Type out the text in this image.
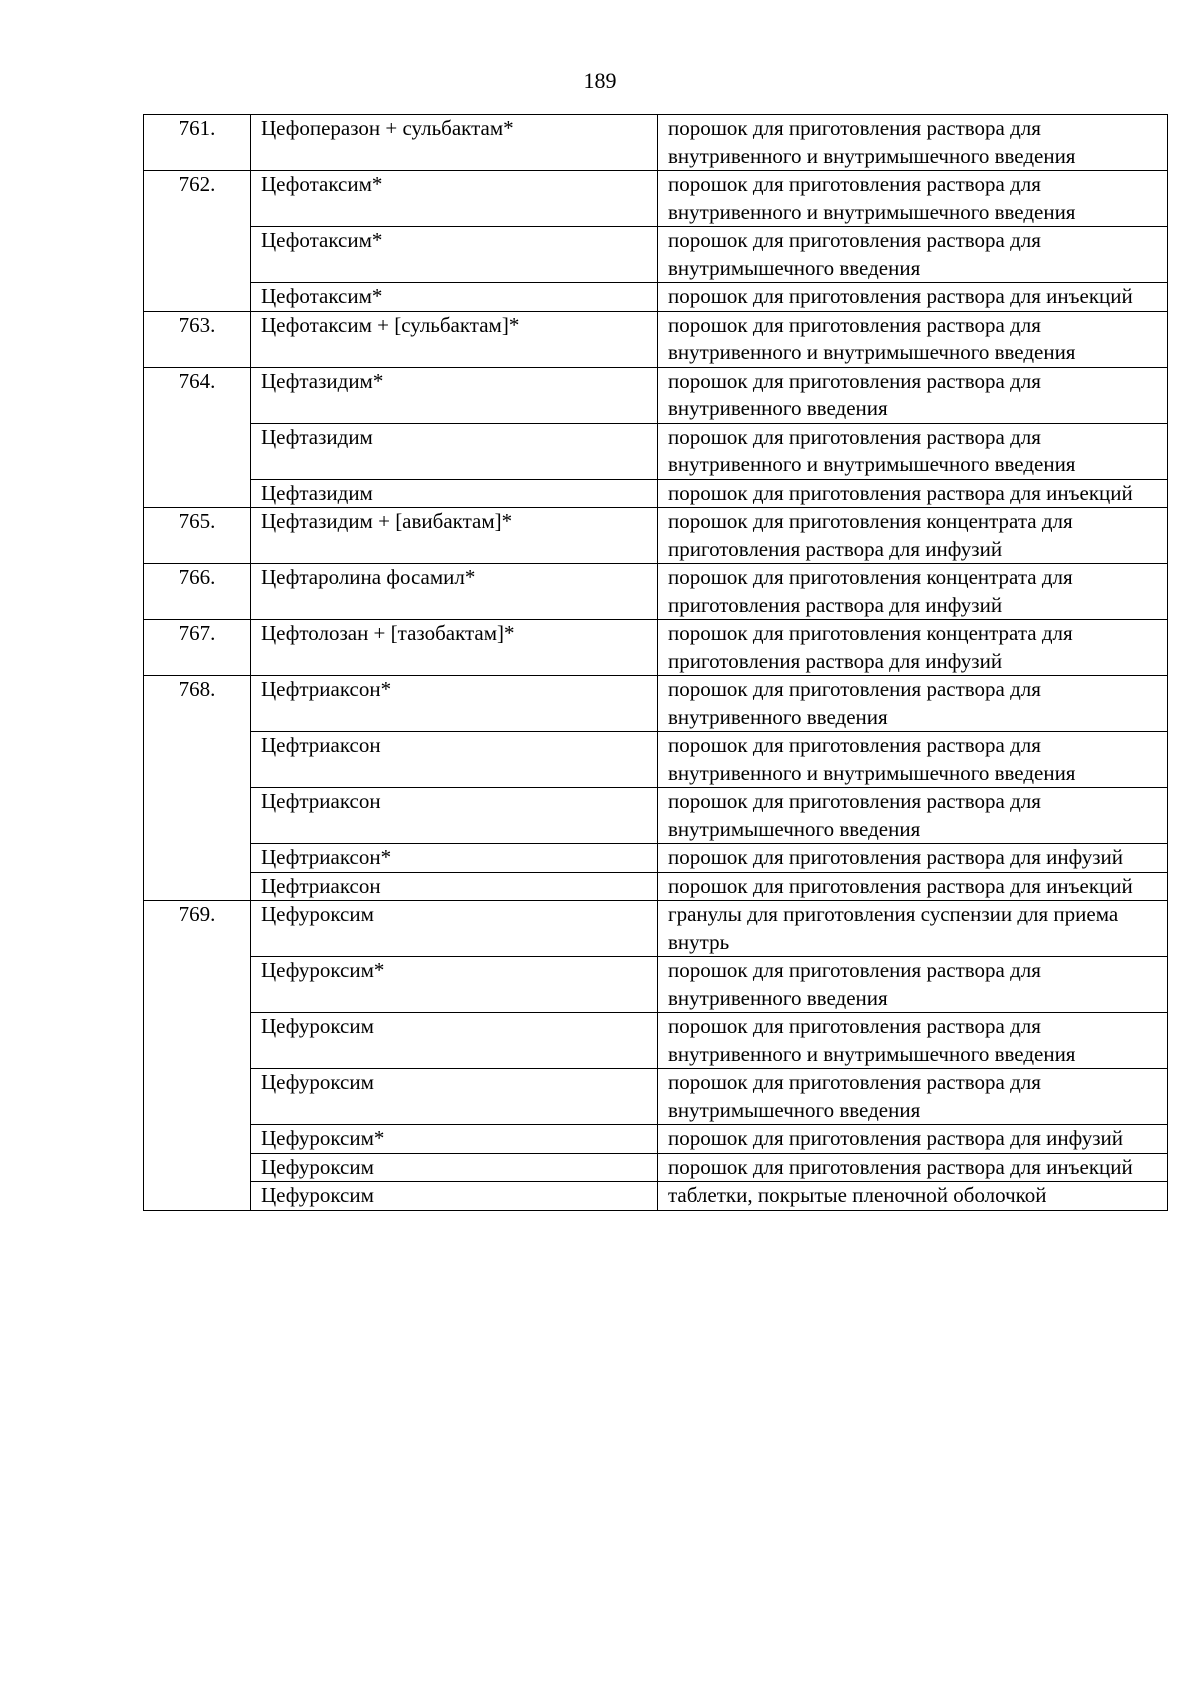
189
761.	Цефоперазон + сульбактам*	порошок для приготовления раствора для внутривенного и внутримышечного введения

762.	Цефотаксим*	порошок для приготовления раствора для внутривенного и внутримышечного введения

	Цефотаксим*	порошок для приготовления раствора для внутримышечного введения

	Цефотаксим*	порошок для приготовления раствора для инъекций

763.	Цефотаксим + [сульбактам]*	порошок для приготовления раствора для внутривенного и внутримышечного введения

764.	Цефтазидим*	порошок для приготовления раствора для внутривенного введения

	Цефтазидим	порошок для приготовления раствора для внутривенного и внутримышечного введения

	Цефтазидим	порошок для приготовления раствора для инъекций

765.	Цефтазидим + [авибактам]*	порошок для приготовления концентрата для приготовления раствора для инфузий

766.	Цефтаролина фосамил*	порошок для приготовления концентрата для приготовления раствора для инфузий

767.	Цефтолозан + [тазобактам]*	порошок для приготовления концентрата для приготовления раствора для инфузий

768.	Цефтриаксон*	порошок для приготовления раствора для внутривенного введения

	Цефтриаксон	порошок для приготовления раствора для внутривенного и внутримышечного введения

	Цефтриаксон	порошок для приготовления раствора для внутримышечного введения

	Цефтриаксон*	порошок для приготовления раствора для инфузий

	Цефтриаксон	порошок для приготовления раствора для инъекций

769.	Цефуроксим	гранулы для приготовления суспензии для приема внутрь

	Цефуроксим*	порошок для приготовления раствора для внутривенного введения

	Цефуроксим	порошок для приготовления раствора для внутривенного и внутримышечного введения

	Цефуроксим	порошок для приготовления раствора для внутримышечного введения

	Цефуроксим*	порошок для приготовления раствора для инфузий

	Цефуроксим	порошок для приготовления раствора для инъекций

	Цефуроксим	таблетки, покрытые пленочной оболочкой
